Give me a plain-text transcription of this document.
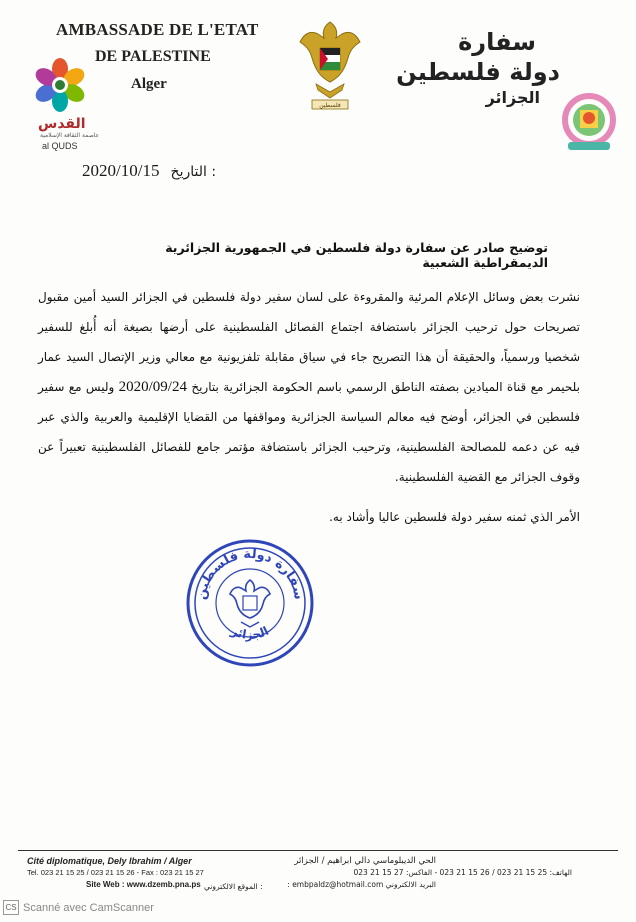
AMBASSADE DE L'ETAT
DE PALESTINE
Alger
سفارة
دولة فلسطين
الجزائر
القدس
عاصمة الثقافة الإسلامية
al QUDS
فلسطين
2020/10/15 التاريخ :
توضيح صادر عن سفارة دولة فلسطين في الجمهورية الجزائرية الديمقراطية الشعبية
نشرت بعض وسائل الإعلام المرئية والمقروءة على لسان سفير دولة فلسطين في الجزائر السيد أمين مقبول تصريحات حول ترحيب الجزائر باستضافة اجتماع الفصائل الفلسطينية على أرضها بصيغة أنه أُبلغ للسفير شخصيا ورسمياً، والحقيقة أن هذا التصريح جاء في سياق مقابلة تلفزيونية مع معالي وزير الإتصال السيد عمار بلحيمر مع قناة الميادين بصفته الناطق الرسمي باسم الحكومة الجزائرية بتاريخ 2020/09/24 وليس مع سفير فلسطين في الجزائر، أوضح فيه معالم السياسة الجزائرية ومواقفها من القضايا الإقليمية والعربية والذي عبر فيه عن دعمه للمصالحة الفلسطينية، وترحيب الجزائر باستضافة مؤتمر جامع للفصائل الفلسطينية تعبيراً عن وقوف الجزائر مع القضية الفلسطينية.
الأمر الذي ثمنه سفير دولة فلسطين عاليا وأشاد به.
سفارة دولة فلسطين
الجزائر
Cité diplomatique, Dely Ibrahim / Alger
Tel. 023 21 15 25 / 023 21 15 26 - Fax : 023 21 15 27
Site Web : www.dzemb.pna.ps : الموقع الالكتروني
الحي الديبلوماسي دالي ابراهيم / الجزائر
الهاتف: 25 15 21 023 / 26 15 21 023 - الفاكس: 27 15 21 023
البريد الالكتروني embpaldz@hotmail.com :
CS Scanné avec CamScanner
